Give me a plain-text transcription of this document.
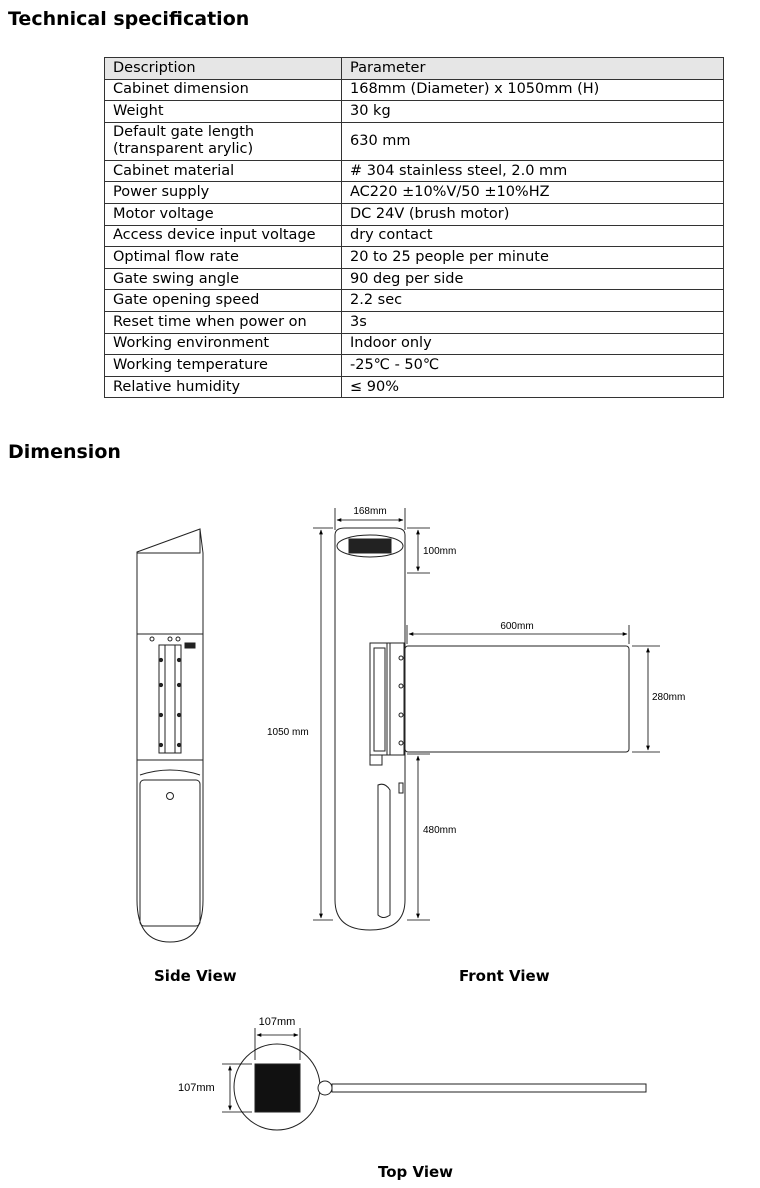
Technical specification
Description	Parameter
Cabinet dimension	168mm (Diameter) x 1050mm (H)
Weight	30 kg

Default gate length
(transparent arylic)	630 mm
Cabinet material	# 304 stainless steel, 2.0 mm
Power supply	AC220 ±10%V/50 ±10%HZ
Motor voltage	DC 24V (brush motor)
Access device input voltage	dry contact
Optimal flow rate	20 to 25 people per minute
Gate swing angle	90 deg per side
Gate opening speed	2.2 sec
Reset time when power on	3s
Working environment	Indoor only
Working temperature	-25℃ - 50℃
Relative humidity	≤ 90%
Dimension
168mm
100mm
1050 mm
600mm
280mm
480mm
107mm
107mm
Side View	Front View
Top View
